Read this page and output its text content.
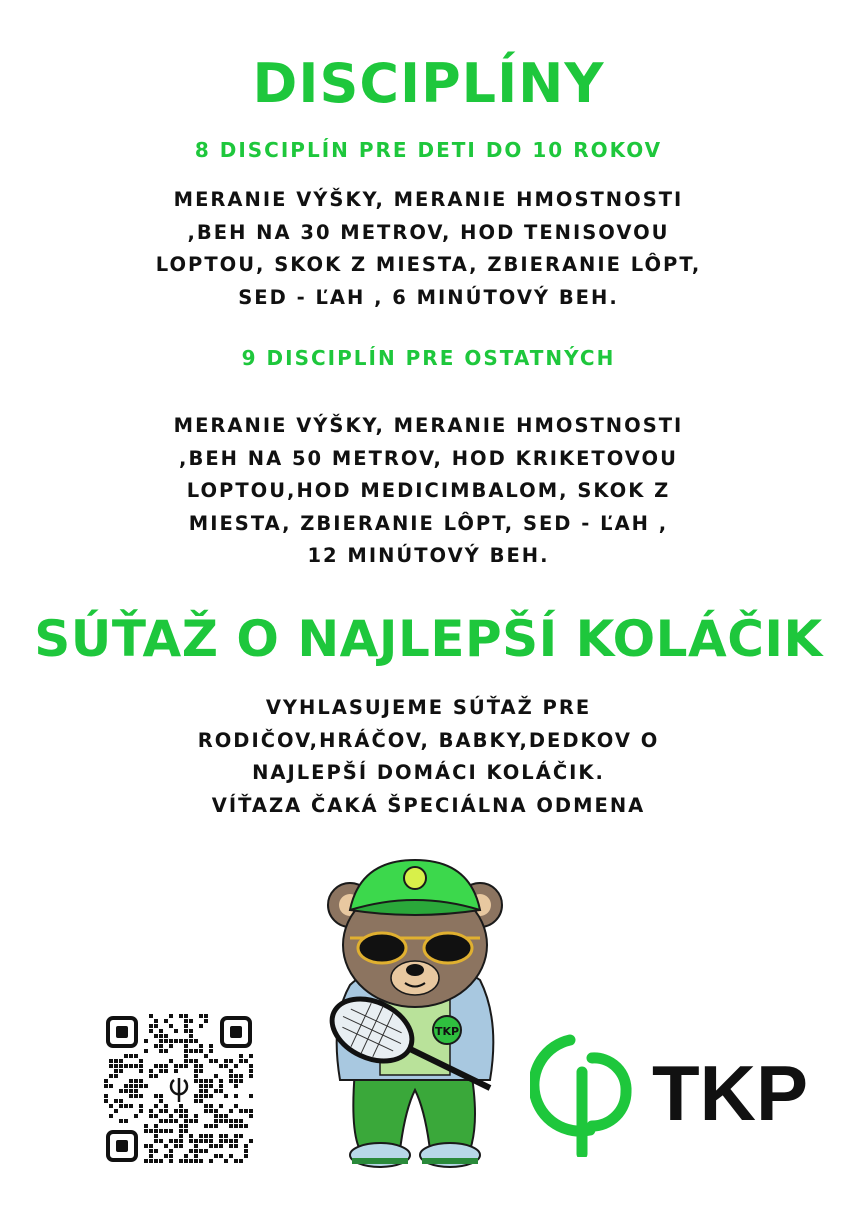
DISCIPLÍNY
8 DISCIPLÍN PRE DETI DO 10 ROKOV
MERANIE VÝŠKY, MERANIE HMOSTNOSTI
,BEH NA 30 METROV, HOD TENISOVOU
LOPTOU, SKOK Z MIESTA, ZBIERANIE LÔPT,
SED - ĽAH , 6 MINÚTOVÝ BEH.
9 DISCIPLÍN PRE OSTATNÝCH
MERANIE VÝŠKY, MERANIE HMOSTNOSTI
,BEH NA 50 METROV, HOD KRIKETOVOU
LOPTOU,HOD MEDICIMBALOM, SKOK Z
MIESTA, ZBIERANIE LÔPT, SED - ĽAH ,
12 MINÚTOVÝ BEH.
SÚŤAŽ O NAJLEPŠÍ KOLÁČIK
VYHLASUJEME SÚŤAŽ PRE
RODIČOV,HRÁČOV, BABKY,DEDKOV O
NAJLEPŠÍ DOMÁCI KOLÁČIK.
VÍŤAZA ČAKÁ ŠPECIÁLNA ODMENA
TKP
TKP
